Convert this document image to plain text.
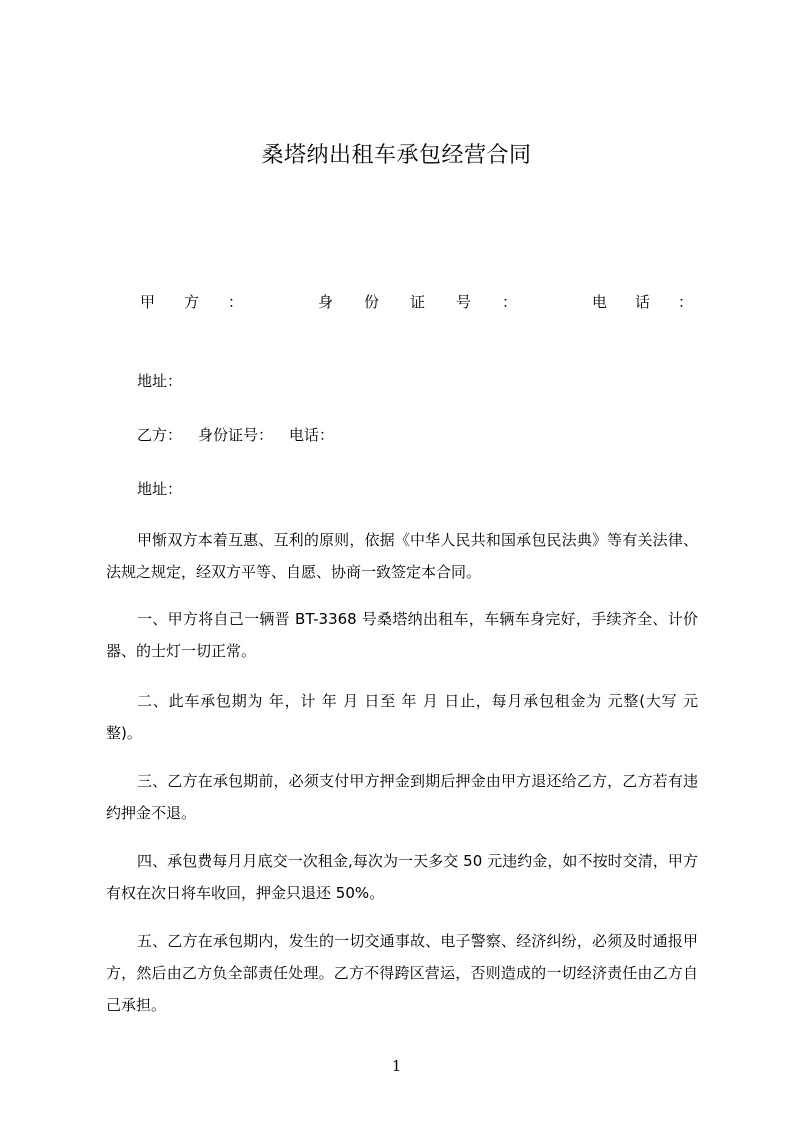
桑塔纳出租车承包经营合同
甲方：	身份证号：	电话：
地址：
乙方： 身份证号： 电话：
地址：

甲惭双方本着互惠、互利的原则，依据《中华人民共和国承包民法典》等有关法律、法规之规定，经双方平等、自愿、协商一致签定本合同。

一、甲方将自己一辆晋 BT-3368 号桑塔纳出租车，车辆车身完好，手续齐全、计价器、的士灯一切正常。

二、此车承包期为 年，计 年 月 日至 年 月 日止，每月承包租金为 元整(大写 元整)。

三、乙方在承包期前，必须支付甲方押金到期后押金由甲方退还给乙方，乙方若有违约押金不退。

四、承包费每月月底交一次租金,每次为一天多交 50 元违约金，如不按时交清，甲方有权在次日将车收回，押金只退还 50%。

五、乙方在承包期内，发生的一切交通事故、电子警察、经济纠纷，必须及时通报甲方，然后由乙方负全部责任处理。乙方不得跨区营运，否则造成的一切经济责任由乙方自己承担。

1
